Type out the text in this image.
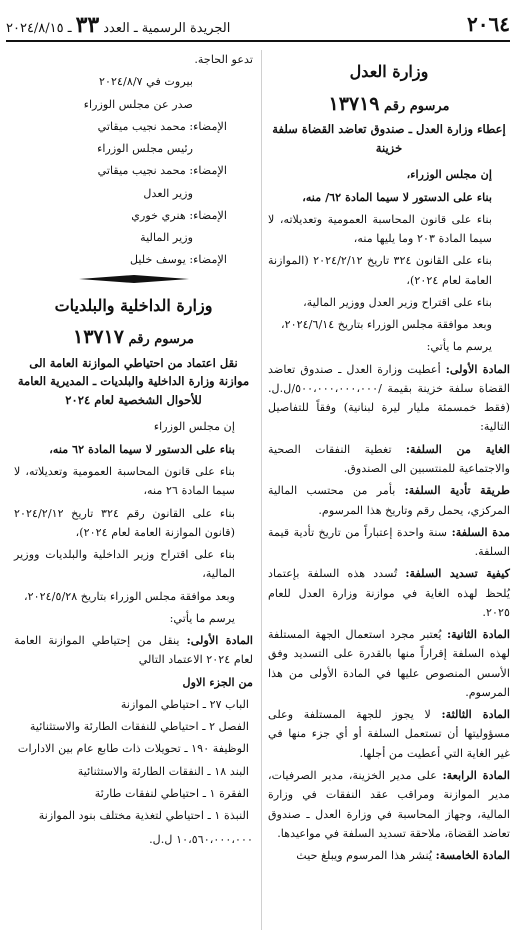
٢٠٦٤
الجريدة الرسمية ـ العدد
٣٣
ـ ٢٠٢٤/٨/١٥
وزارة العدل
مرسوم رقم ١٣٧١٩
إعطاء وزارة العدل ـ صندوق تعاضد القضاة سلفة خزينة

إن مجلس الوزراء،

بناء على الدستور لا سيما المادة ٦٢/ منه،

بناء على قانون المحاسبة العمومية وتعديلاته، لا سيما المادة ٢٠٣ وما يليها منه،

بناء على القانون ٣٢٤ تاريخ ٢٠٢٤/٢/١٢ (الموازنة العامة لعام ٢٠٢٤)،

بناء على اقتراح وزير العدل ووزير المالية،

وبعد موافقة مجلس الوزراء بتاريخ ٢٠٢٤/٦/١٤،

يرسم ما يأتي:

المادة الأولى: أعطيت وزارة العدل ـ صندوق تعاضد القضاة سلفة خزينة بقيمة /٥٠٠،٠٠٠،٠٠٠،٠٠٠/ل.ل. (فقط خمسمئة مليار ليرة لبنانية) وفقاً للتفاصيل التالية:

الغاية من السلفة: تغطية النفقات الصحية والاجتماعية للمنتسبين الى الصندوق.

طريقة تأدية السلفة: بأمر من محتسب المالية المركزي، يحمل رقم وتاريخ هذا المرسوم.

مدة السلفة: سنة واحدة إعتباراً من تاريخ تأدية قيمة السلفة.

كيفية تسديد السلفة: تُسدد هذه السلفة بإعتماد يُلحظ لهذه الغاية في موازنة وزارة العدل للعام ٢٠٢٥.

المادة الثانية: يُعتبر مجرد استعمال الجهة المستلفة لهذه السلفة إقراراً منها بالقدرة على التسديد وفق الأسس المنصوص عليها في المادة الأولى من هذا المرسوم.

المادة الثالثة: لا يجوز للجهة المستلفة وعلى مسؤوليتها أن تستعمل السلفة أو أي جزء منها في غير الغاية التي أعطيت من أجلها.

المادة الرابعة: على مدير الخزينة، مدير الصرفيات، مدير الموازنة ومراقب عقد النفقات في وزارة المالية، وجهاز المحاسبة في وزارة العدل ـ صندوق تعاضد القضاة، ملاحقة تسديد السلفة في مواعيدها.

المادة الخامسة: يُنشر هذا المرسوم ويبلغ حيث

تدعو الحاجة.

بيروت في ٢٠٢٤/٨/٧

صدر عن مجلس الوزراء

الإمضاء: محمد نجيب ميقاتي

رئيس مجلس الوزراء

الإمضاء: محمد نجيب ميقاتي

وزير العدل

الإمضاء: هنري خوري

وزير المالية

الإمضاء: يوسف خليل

وزارة الداخلية والبلديات
مرسوم رقم ١٣٧١٧
نقل اعتماد من احتياطي الموازنة العامة الى موازنة وزارة الداخلية والبلديات ـ المديرية العامة للأحوال الشخصية لعام ٢٠٢٤

إن مجلس الوزراء

بناء على الدستور لا سيما المادة ٦٢ منه،

بناء على قانون المحاسبة العمومية وتعديلاته، لا سيما المادة ٢٦ منه،

بناء على القانون رقم ٣٢٤ تاريخ ٢٠٢٤/٢/١٢ (قانون الموازنة العامة لعام ٢٠٢٤)،

بناء على اقتراح وزير الداخلية والبلديات ووزير المالية،

وبعد موافقة مجلس الوزراء بتاريخ ٢٠٢٤/٥/٢٨،

يرسم ما يأتي:

المادة الأولى: ينقل من إحتياطي الموازنة العامة لعام ٢٠٢٤ الاعتماد التالي

من الجزء الاول

الباب ٢٧ ـ احتياطي الموازنة

الفصل ٢ ـ احتياطي للنفقات الطارئة والاستثنائية

الوظيفة ١٩٠ ـ تحويلات ذات طابع عام بين الادارات

البند ١٨ ـ النفقات الطارئة والاستثنائية

الفقرة ١ ـ احتياطي لنفقات طارئة

النبذة ١ ـ احتياطي لتغذية مختلف بنود الموازنة

١٠،٥٦٠،٠٠٠،٠٠٠ ل.ل.
